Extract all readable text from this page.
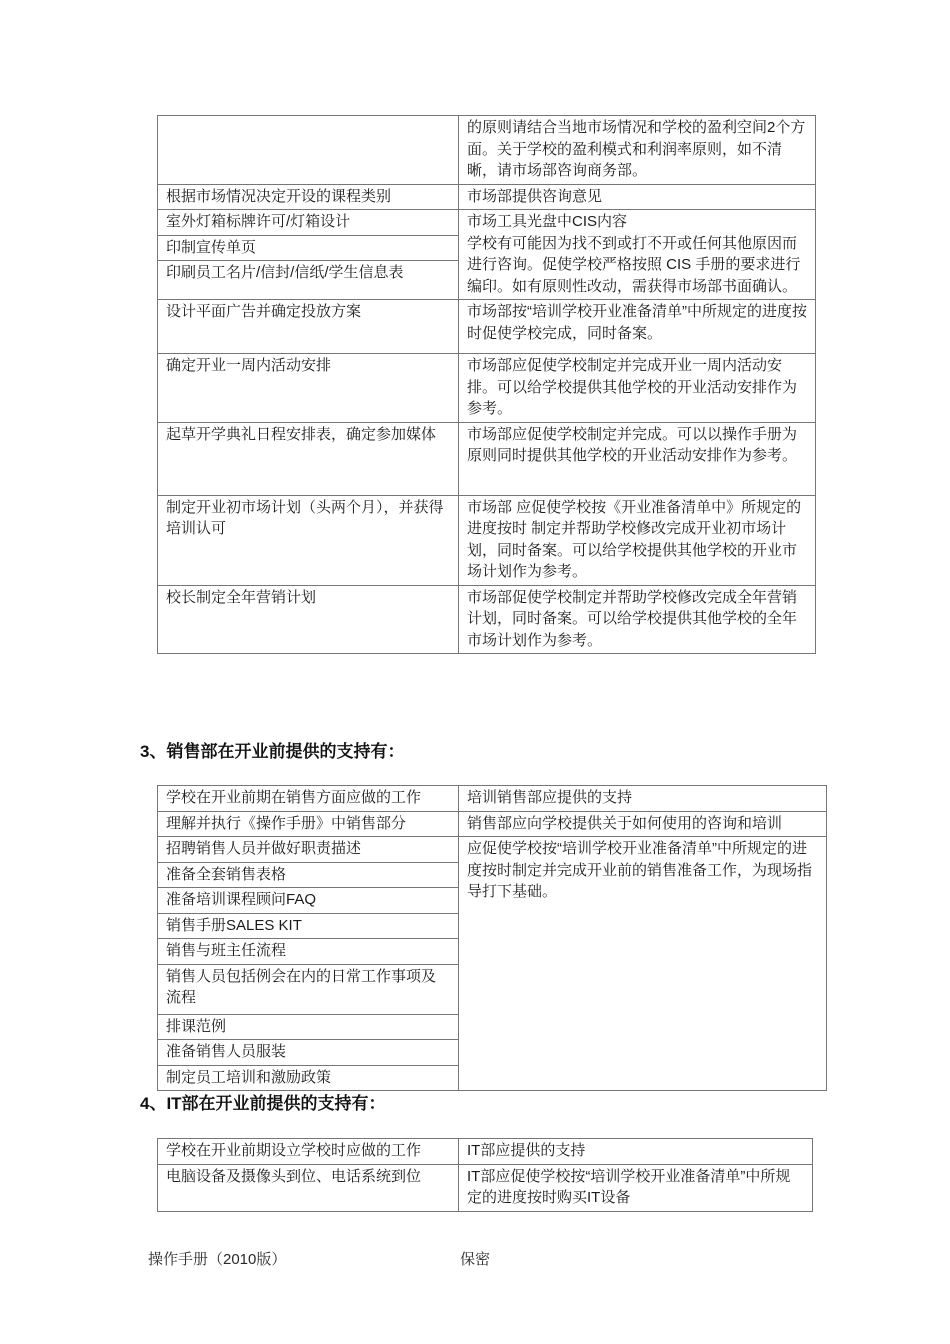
	的原则请结合当地市场情况和学校的盈利空间2个方面。关于学校的盈利模式和利润率原则，如不清晰，请市场部咨询商务部。
根据市场情况决定开设的课程类别	市场部提供咨询意见
室外灯箱标牌许可/灯箱设计	市场工具光盘中CIS内容
学校有可能因为找不到或打不开或任何其他原因而进行咨询。促使学校严格按照 CIS 手册的要求进行编印。如有原则性改动，需获得市场部书面确认。

印制宣传单页	
印刷员工名片/信封/信纸/学生信息表	
设计平面广告并确定投放方案	市场部按“培训学校开业准备清单”中所规定的进度按时促使学校完成，同时备案。
确定开业一周内活动安排	市场部应促使学校制定并完成开业一周内活动安排。可以给学校提供其他学校的开业活动安排作为参考。
起草开学典礼日程安排表，确定参加媒体	市场部应促使学校制定并完成。可以以操作手册为原则同时提供其他学校的开业活动安排作为参考。
制定开业初市场计划（头两个月），并获得培训认可	市场部 应促使学校按《开业准备清单中》所规定的进度按时 制定并帮助学校修改完成开业初市场计划，同时备案。可以给学校提供其他学校的开业市场计划作为参考。
校长制定全年营销计划	市场部促使学校制定并帮助学校修改完成全年营销计划，同时备案。可以给学校提供其他学校的全年市场计划作为参考。
3、销售部在开业前提供的支持有：
学校在开业前期在销售方面应做的工作	培训销售部应提供的支持
理解并执行《操作手册》中销售部分	销售部应向学校提供关于如何使用的咨询和培训
招聘销售人员并做好职责描述	应促使学校按“培训学校开业准备清单”中所规定的进度按时制定并完成开业前的销售准备工作，为现场指导打下基础。
准备全套销售表格	
准备培训课程顾问FAQ	
销售手册SALES KIT	
销售与班主任流程	
销售人员包括例会在内的日常工作事项及流程	
排课范例	
准备销售人员服装	
制定员工培训和激励政策	
4、IT部在开业前提供的支持有：
学校在开业前期设立学校时应做的工作	IT部应提供的支持
电脑设备及摄像头到位、电话系统到位	IT部应促使学校按“培训学校开业准备清单”中所规定的进度按时购买IT设备
操作手册（2010版）	保密
